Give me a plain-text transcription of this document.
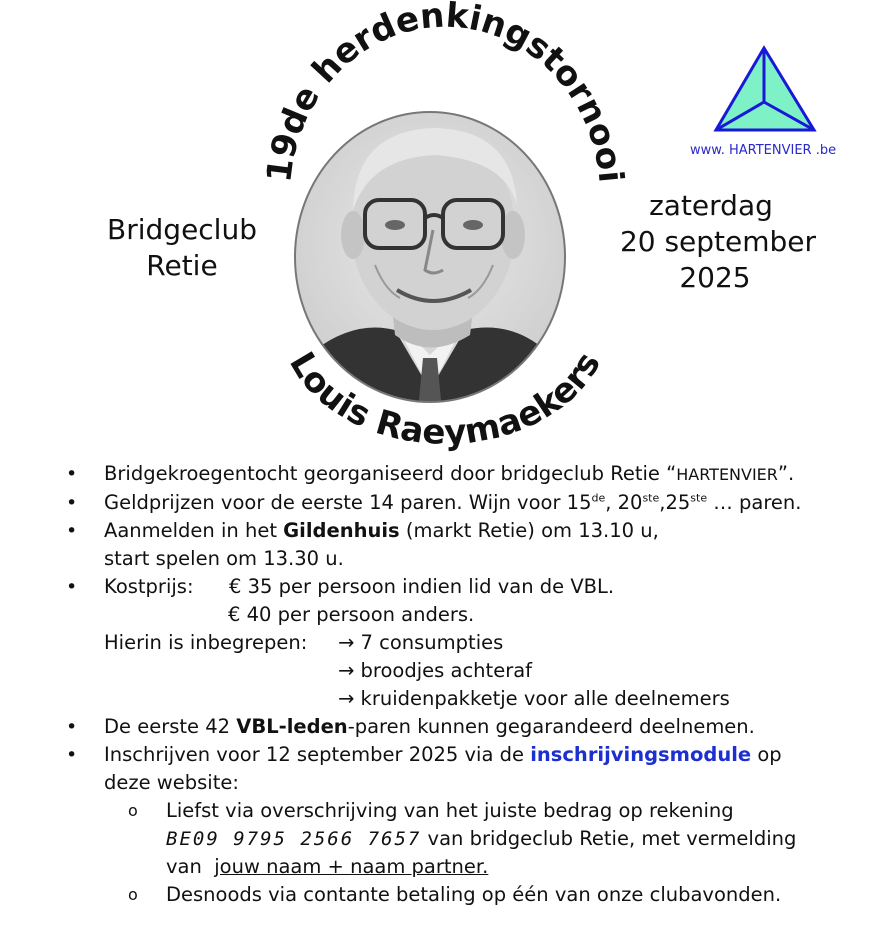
19de herdenkingstornooi
Louis Raeymaekers
Bridgeclub
Retie
zaterdag
20 september
2025
www. HARTENVIER .be
• Bridgekroegentocht georganiseerd door bridgeclub Retie “HARTENVIER”.
• Geldprijzen voor de eerste 14 paren. Wijn voor 15de, 20ste,25ste … paren.
• Aanmelden in het Gildenhuis (markt Retie) om 13.10 u,
start spelen om 13.30 u.
• Kostprijs: € 35 per persoon indien lid van de VBL.
€ 40 per persoon anders.
Hierin is inbegrepen: → 7 consumpties
→ broodjes achteraf
→ kruidenpakketje voor alle deelnemers
• De eerste 42 VBL-leden-paren kunnen gegarandeerd deelnemen.
• Inschrijven voor 12 september 2025 via de inschrijvingsmodule op
deze website:
o Liefst via overschrijving van het juiste bedrag op rekening
BE09 9795 2566 7657 van bridgeclub Retie, met vermelding
van  jouw naam + naam partner.
o Desnoods via contante betaling op één van onze clubavonden.
